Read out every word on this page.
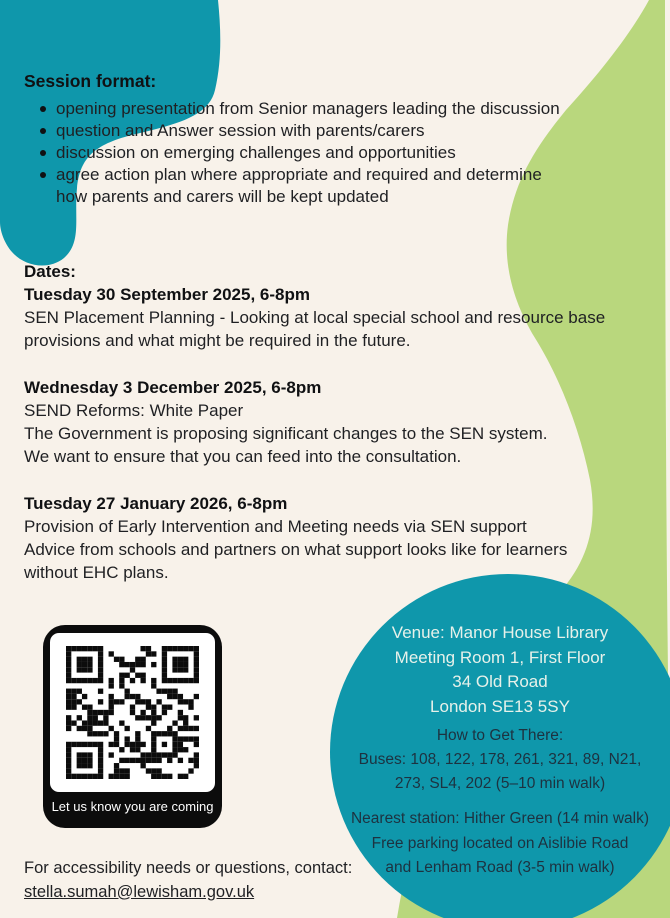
Session format:
opening presentation from Senior managers leading the discussion
question and Answer session with parents/carers
discussion on emerging challenges and opportunities
agree action plan where appropriate and required and determine
how parents and carers will be kept updated
Dates:
Tuesday 30 September 2025, 6-8pm
SEN Placement Planning - Looking at local special school and resource base
provisions and what might be required in the future.
Wednesday 3 December 2025, 6-8pm
SEND Reforms: White Paper
The Government is proposing significant changes to the SEN system.
We want to ensure that you can feed into the consultation.
Tuesday 27 January 2026, 6-8pm
Provision of Early Intervention and Meeting needs via SEN support
Advice from schools and partners on what support looks like for learners
without EHC plans.
Let us know you are coming
Venue: Manor House Library
Meeting Room 1, First Floor
34 Old Road
London SE13 5SY
How to Get There:
Buses: 108, 122, 178, 261, 321, 89, N21,
273, SL4, 202 (5–10 min walk)
Nearest station: Hither Green (14 min walk)
Free parking located on Aislibie Road
and Lenham Road (3-5 min walk)
For accessibility needs or questions, contact:
stella.sumah@lewisham.gov.uk
